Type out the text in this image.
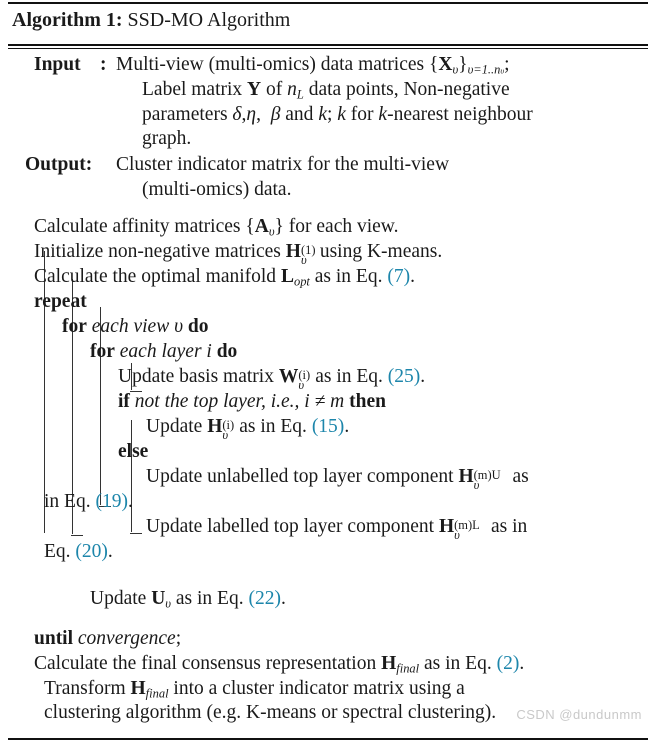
Algorithm 1: SSD-MO Algorithm
Input : Multi-view (multi-omics) data matrices $\{X_\upsilon\}_{\upsilon=1..n\upsilon}$;
Label matrix Y of $n_L$ data points, Non-negative
parameters δ,η,  β and k; k for k-nearest neighbour
graph.
Output:	Cluster indicator matrix for the multi-view
(multi-omics) data.
Calculate affinity matrices $\{A_\upsilon\}$ for each view.
Initialize non-negative matrices H υ
(1) using K-means.
Calculate the optimal manifold $L_{opt}$ as in Eq. (7).
repeat
for each view υ do
for each layer i do
Update basis matrix W υ
(i) as in Eq. (25).
if not the top layer, i.e., i ≠ m then
Update H υ
(i) as in Eq. (15).
else
Update unlabelled top layer component H υ
(m)U as
in Eq. (19).
Update labelled top layer component H υ
(m)L as in
Eq. (20).
Update $U_\upsilon$ as in Eq. (22).
until convergence;
Calculate the final consensus representation $H_{final}$ as in Eq. (2).
Transform $H_{final}$ into a cluster indicator matrix using a
clustering algorithm (e.g. K-means or spectral clustering).	CSDN @dundunmm
